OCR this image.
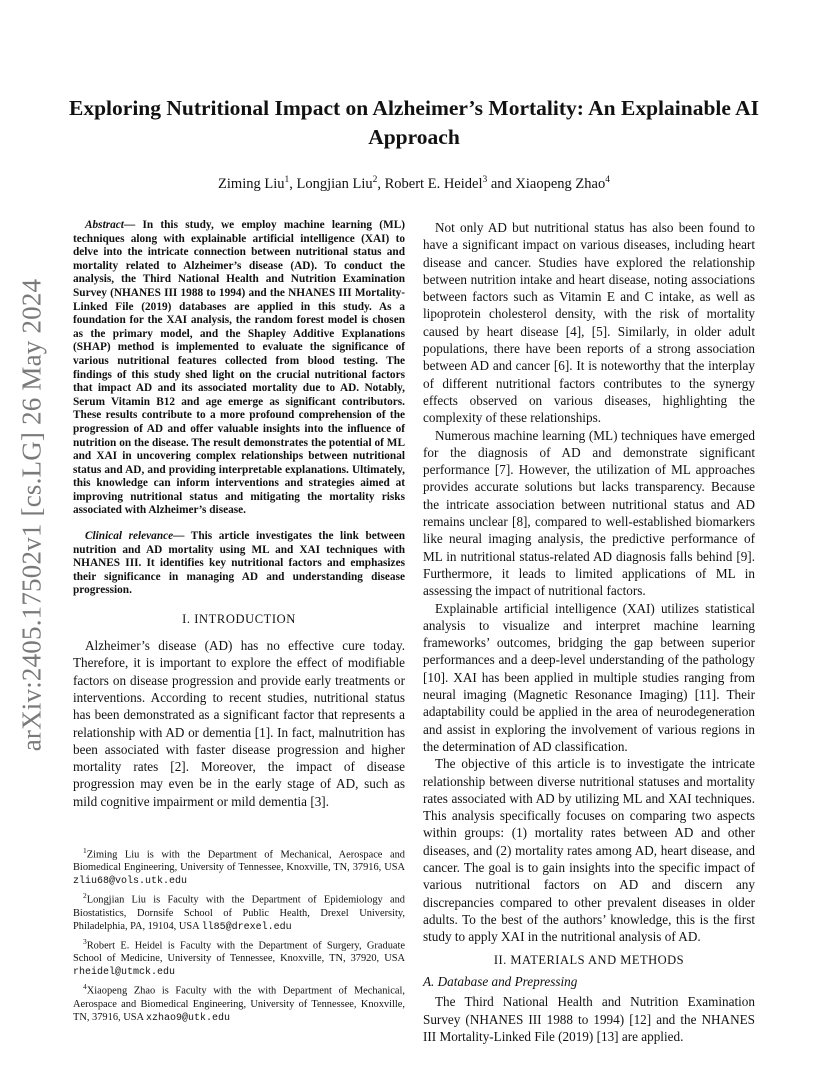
arXiv:2405.17502v1 [cs.LG] 26 May 2024
Exploring Nutritional Impact on Alzheimer’s Mortality: An Explainable AI Approach
Ziming Liu$^1$, Longjian Liu$^2$, Robert E. Heidel$^3$ and Xiaopeng Zhao$^4$

Abstract— In this study, we employ machine learning (ML) techniques along with explainable artificial intelligence (XAI) to delve into the intricate connection between nutritional status and mortality related to Alzheimer’s disease (AD). To conduct the analysis, the Third National Health and Nutrition Examination Survey (NHANES III 1988 to 1994) and the NHANES III Mortality-Linked File (2019) databases are applied in this study. As a foundation for the XAI analysis, the random forest model is chosen as the primary model, and the Shapley Additive Explanations (SHAP) method is implemented to evaluate the significance of various nutritional features collected from blood testing. The findings of this study shed light on the crucial nutritional factors that impact AD and its associated mortality due to AD. Notably, Serum Vitamin B12 and age emerge as significant contributors. These results contribute to a more profound comprehension of the progression of AD and offer valuable insights into the influence of nutrition on the disease. The result demonstrates the potential of ML and XAI in uncovering complex relationships between nutritional status and AD, and providing interpretable explanations. Ultimately, this knowledge can inform interventions and strategies aimed at improving nutritional status and mitigating the mortality risks associated with Alzheimer’s disease.

Clinical relevance— This article investigates the link between nutrition and AD mortality using ML and XAI techniques with NHANES III. It identifies key nutritional factors and emphasizes their significance in managing AD and understanding disease progression.

I. INTRODUCTION

Alzheimer’s disease (AD) has no effective cure today. Therefore, it is important to explore the effect of modifiable factors on disease progression and provide early treatments or interventions. According to recent studies, nutritional status has been demonstrated as a significant factor that represents a relationship with AD or dementia [1]. In fact, malnutrition has been associated with faster disease progression and higher mortality rates [2]. Moreover, the impact of disease progression may even be in the early stage of AD, such as mild cognitive impairment or mild dementia [3].

$^1$Ziming Liu is with the Department of Mechanical, Aerospace and Biomedical Engineering, University of Tennessee, Knoxville, TN, 37916, USA zliu68@vols.utk.edu

$^2$Longjian Liu is Faculty with the Department of Epidemiology and Biostatistics, Dornsife School of Public Health, Drexel University, Philadelphia, PA, 19104, USA ll85@drexel.edu

$^3$Robert E. Heidel is Faculty with the Department of Surgery, Graduate School of Medicine, University of Tennessee, Knoxville, TN, 37920, USA rheidel@utmck.edu

$^4$Xiaopeng Zhao is Faculty with the with Department of Mechanical, Aerospace and Biomedical Engineering, University of Tennessee, Knoxville, TN, 37916, USA xzhao9@utk.edu

Not only AD but nutritional status has also been found to have a significant impact on various diseases, including heart disease and cancer. Studies have explored the relationship between nutrition intake and heart disease, noting associations between factors such as Vitamin E and C intake, as well as lipoprotein cholesterol density, with the risk of mortality caused by heart disease [4], [5]. Similarly, in older adult populations, there have been reports of a strong association between AD and cancer [6]. It is noteworthy that the interplay of different nutritional factors contributes to the synergy effects observed on various diseases, highlighting the complexity of these relationships.

Numerous machine learning (ML) techniques have emerged for the diagnosis of AD and demonstrate significant performance [7]. However, the utilization of ML approaches provides accurate solutions but lacks transparency. Because the intricate association between nutritional status and AD remains unclear [8], compared to well-established biomarkers like neural imaging analysis, the predictive performance of ML in nutritional status-related AD diagnosis falls behind [9]. Furthermore, it leads to limited applications of ML in assessing the impact of nutritional factors.

Explainable artificial intelligence (XAI) utilizes statistical analysis to visualize and interpret machine learning frameworks’ outcomes, bridging the gap between superior performances and a deep-level understanding of the pathology [10]. XAI has been applied in multiple studies ranging from neural imaging (Magnetic Resonance Imaging) [11]. Their adaptability could be applied in the area of neurodegeneration and assist in exploring the involvement of various regions in the determination of AD classification.

The objective of this article is to investigate the intricate relationship between diverse nutritional statuses and mortality rates associated with AD by utilizing ML and XAI techniques. This analysis specifically focuses on comparing two aspects within groups: (1) mortality rates between AD and other diseases, and (2) mortality rates among AD, heart disease, and cancer. The goal is to gain insights into the specific impact of various nutritional factors on AD and discern any discrepancies compared to other prevalent diseases in older adults. To the best of the authors’ knowledge, this is the first study to apply XAI in the nutritional analysis of AD.

II. MATERIALS AND METHODS
A. Database and Prepressing

The Third National Health and Nutrition Examination Survey (NHANES III 1988 to 1994) [12] and the NHANES III Mortality-Linked File (2019) [13] are applied.
